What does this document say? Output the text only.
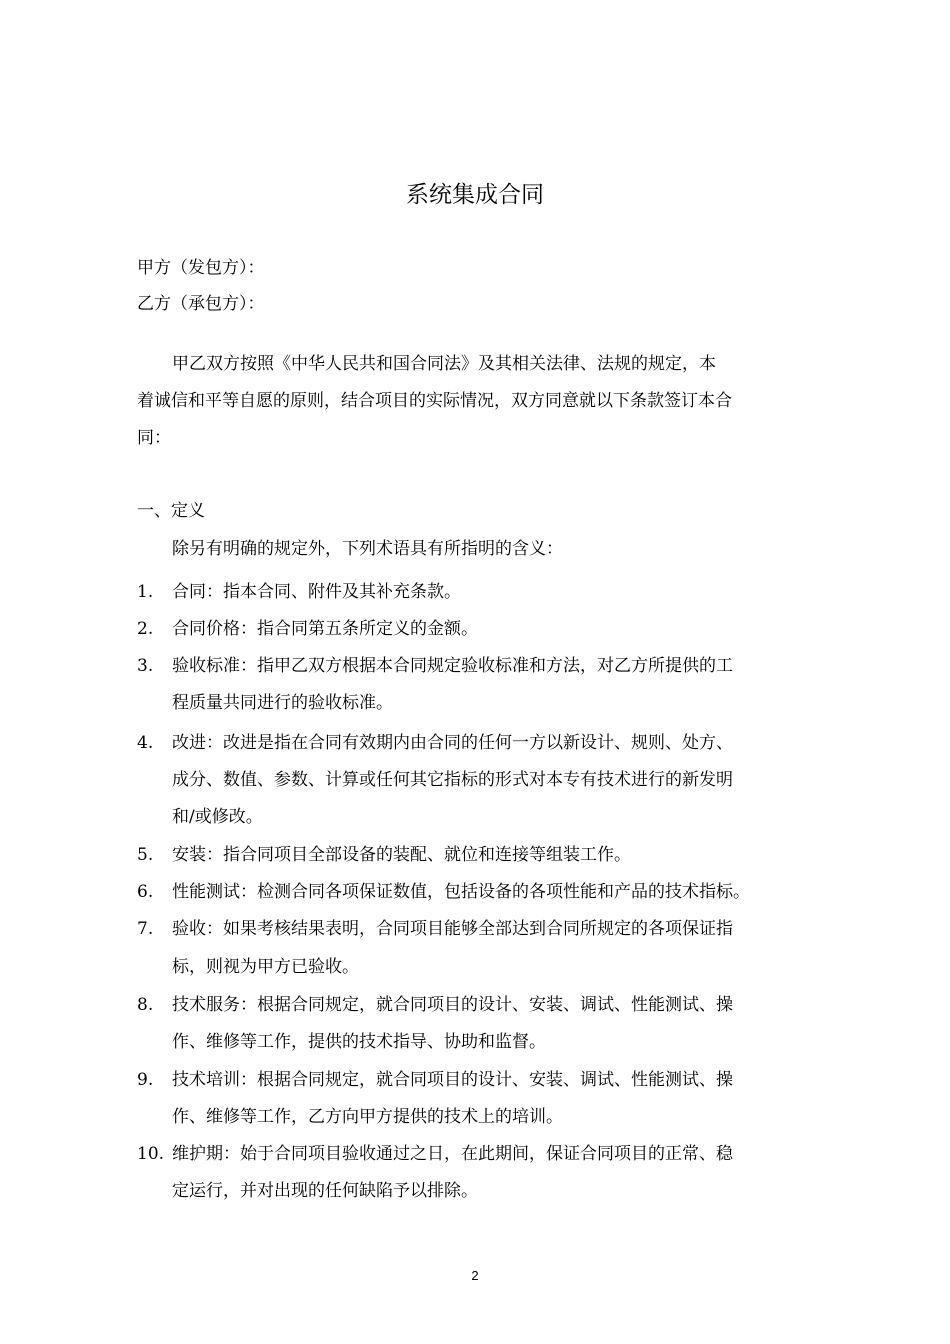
系统集成合同
甲方（发包方）：
乙方（承包方）：
甲乙双方按照《中华人民共和国合同法》及其相关法律、法规的规定，本
着诚信和平等自愿的原则，结合项目的实际情况，双方同意就以下条款签订本合
同：
一、定义
除另有明确的规定外，下列术语具有所指明的含义：
1. 合同：指本合同、附件及其补充条款。
2. 合同价格：指合同第五条所定义的金额。
3. 验收标准：指甲乙双方根据本合同规定验收标准和方法，对乙方所提供的工
程质量共同进行的验收标准。
4. 改进：改进是指在合同有效期内由合同的任何一方以新设计、规则、处方、
成分、数值、参数、计算或任何其它指标的形式对本专有技术进行的新发明
和/或修改。
5. 安装：指合同项目全部设备的装配、就位和连接等组装工作。
6. 性能测试：检测合同各项保证数值，包括设备的各项性能和产品的技术指标。
7. 验收：如果考核结果表明，合同项目能够全部达到合同所规定的各项保证指
标，则视为甲方已验收。
8. 技术服务：根据合同规定，就合同项目的设计、安装、调试、性能测试、操
作、维修等工作，提供的技术指导、协助和监督。
9. 技术培训：根据合同规定，就合同项目的设计、安装、调试、性能测试、操
作、维修等工作，乙方向甲方提供的技术上的培训。
10. 维护期：始于合同项目验收通过之日，在此期间，保证合同项目的正常、稳
定运行，并对出现的任何缺陷予以排除。
2
